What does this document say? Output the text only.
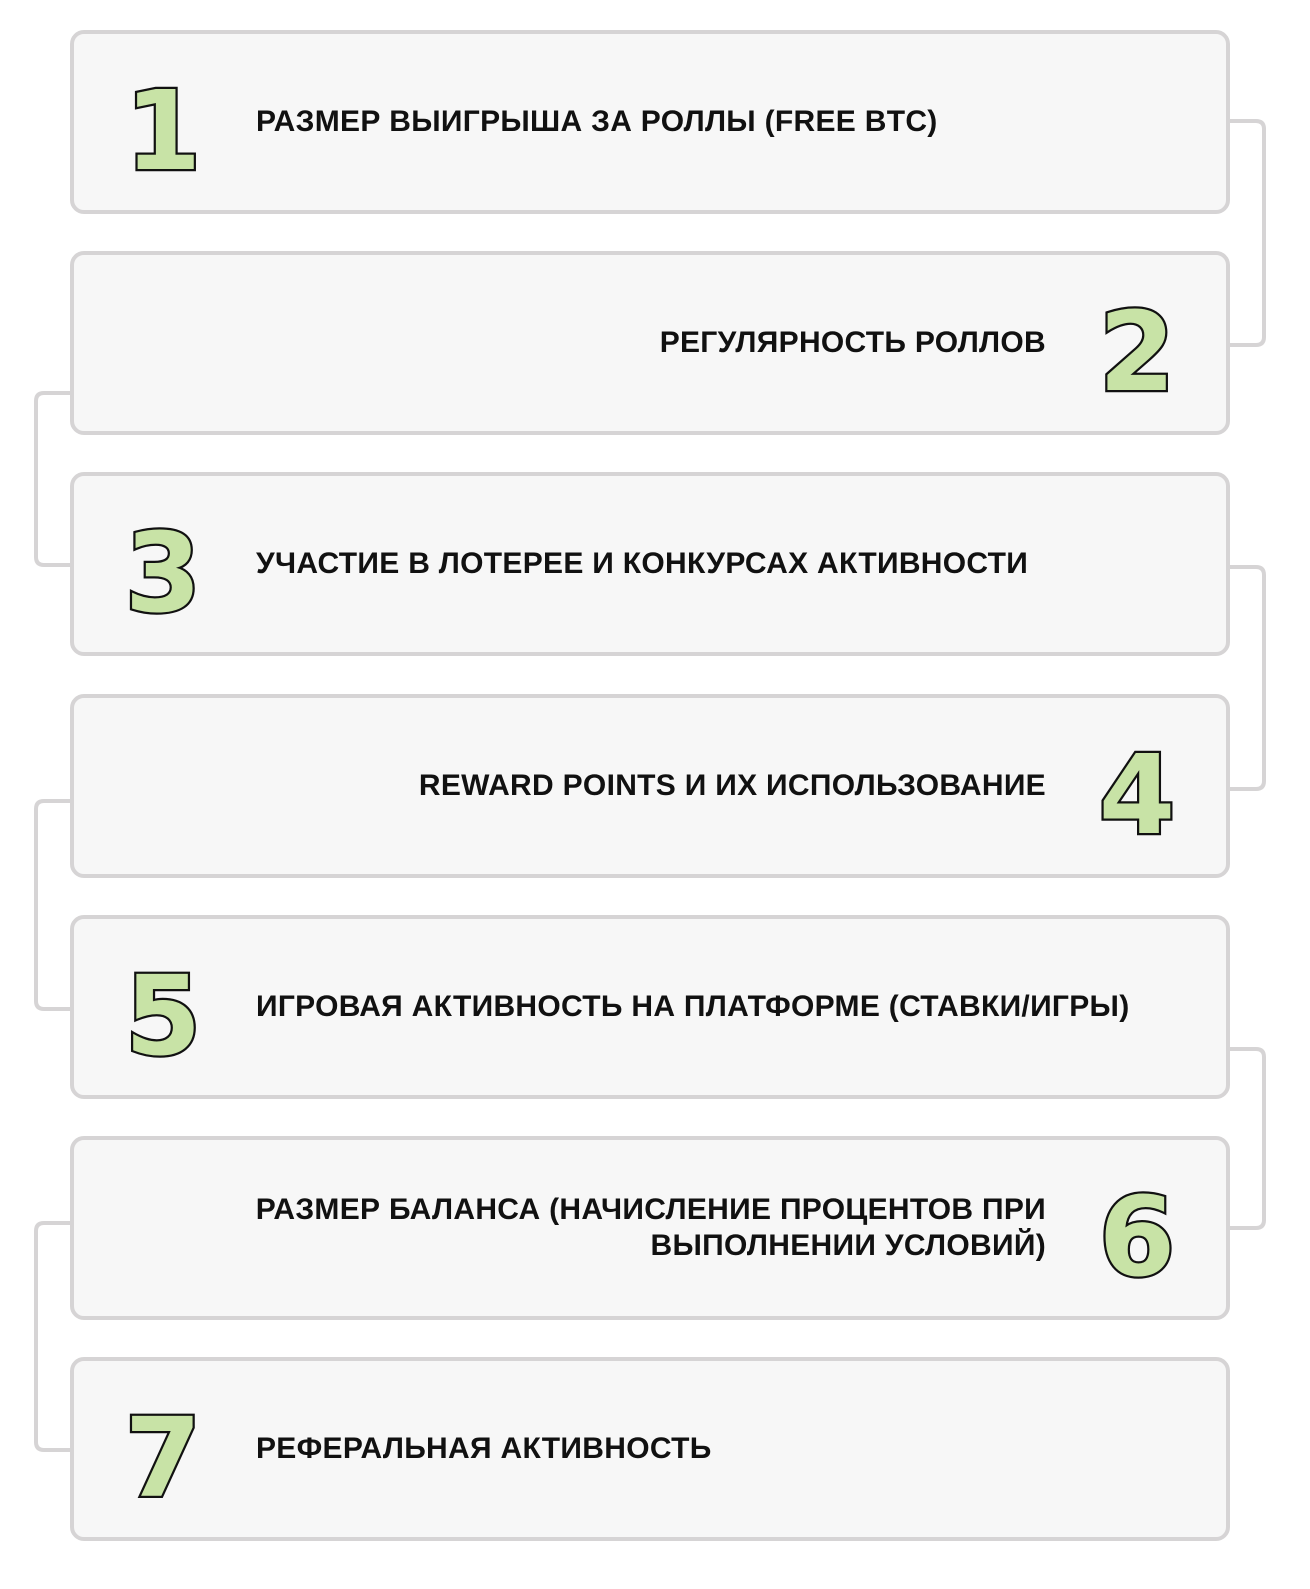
1 РАЗМЕР ВЫИГРЫША ЗА РОЛЛЫ (FREE BTC)
2
РЕГУЛЯРНОСТЬ РОЛЛОВ
3 УЧАСТИЕ В ЛОТЕРЕЕ И КОНКУРСАХ АКТИВНОСТИ
4
REWARD POINTS И ИХ ИСПОЛЬЗОВАНИЕ
5 ИГРОВАЯ АКТИВНОСТЬ НА ПЛАТФОРМЕ (СТАВКИ/ИГРЫ)
6
РАЗМЕР БАЛАНСА (НАЧИСЛЕНИЕ ПРОЦЕНТОВ ПРИ ВЫПОЛНЕНИИ УСЛОВИЙ)
7 РЕФЕРАЛЬНАЯ АКТИВНОСТЬ
